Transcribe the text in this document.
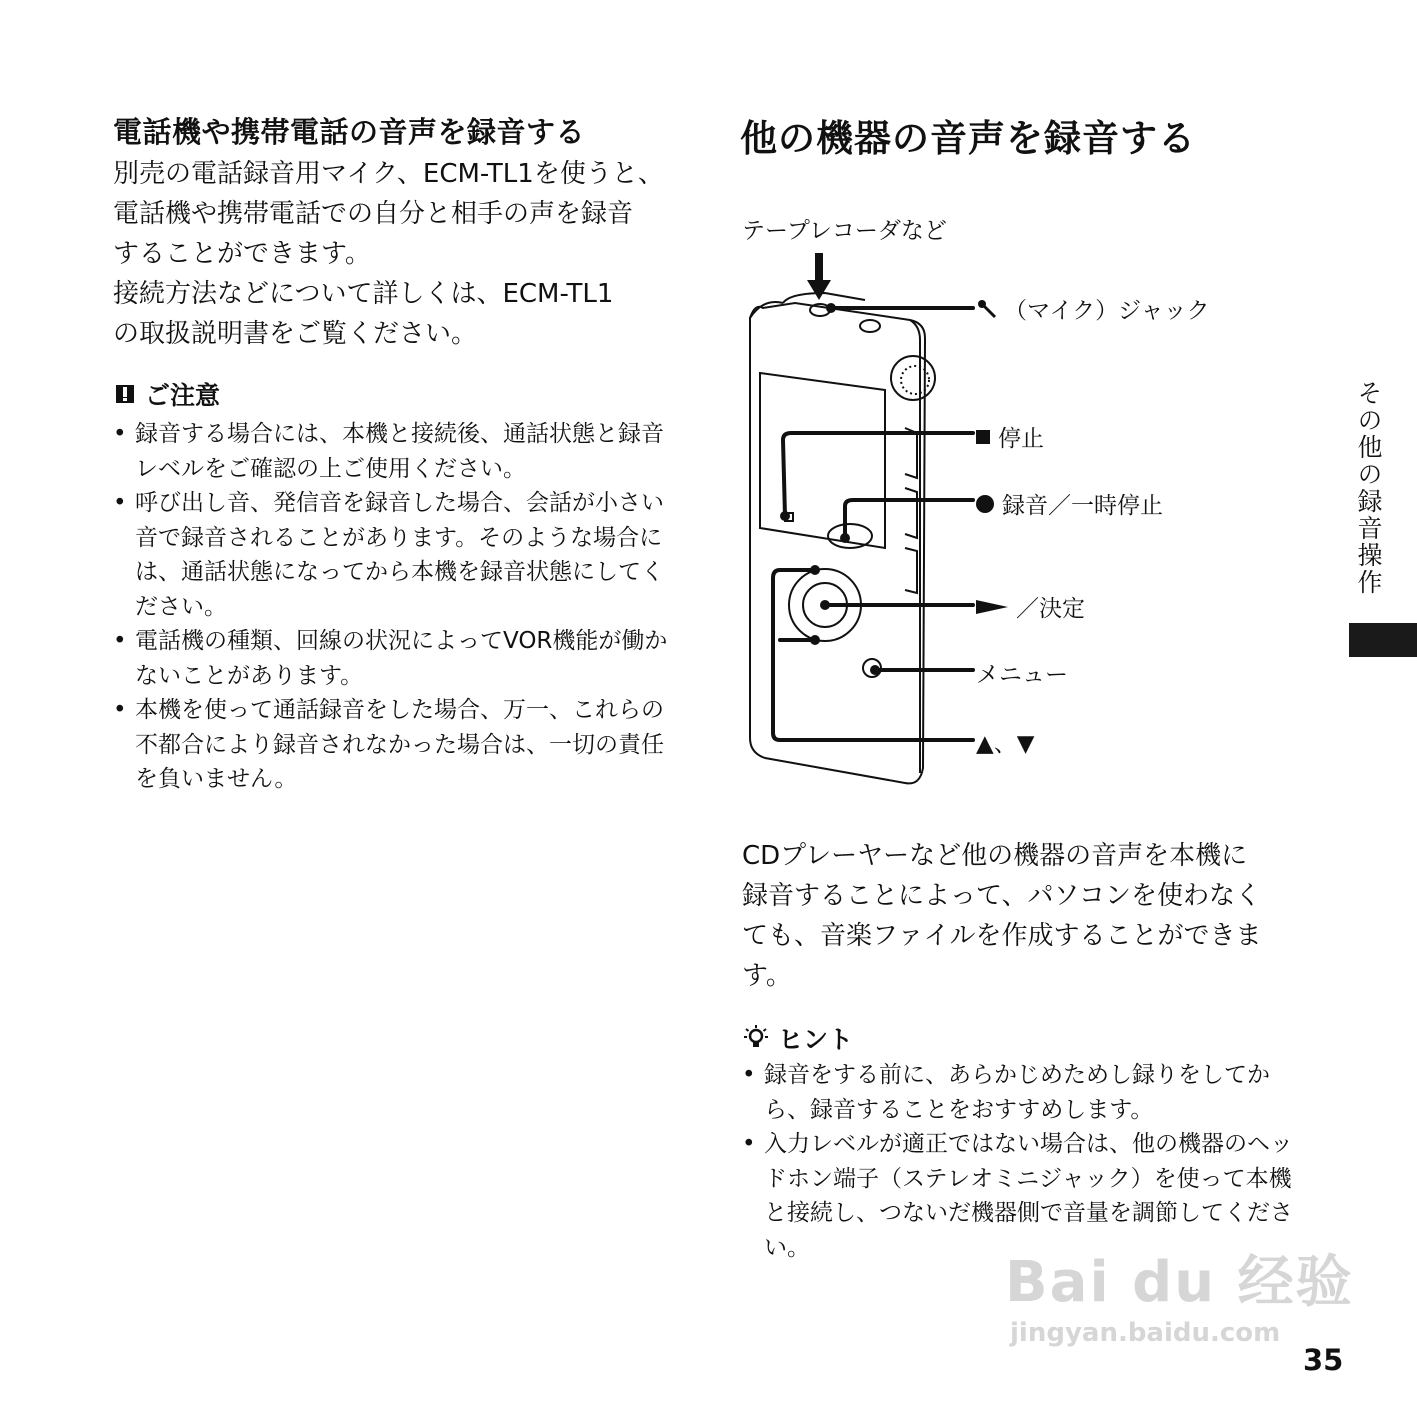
電話機や携帯電話の音声を録音する
別売の電話録音用マイク、ECM-TL1を使うと、
電話機や携帯電話での自分と相手の声を録音
することができます。
接続方法などについて詳しくは、ECM-TL1
の取扱説明書をご覧ください。
ご注意
• 録音する場合には、本機と接続後、通話状態と録音レベルをご確認の上ご使用ください。
• 呼び出し音、発信音を録音した場合、会話が小さい音で録音されることがあります。そのような場合には、通話状態になってから本機を録音状態にしてください。
• 電話機の種類、回線の状況によってVOR機能が働かないことがあります。
• 本機を使って通話録音をした場合、万一、これらの不都合により録音されなかった場合は、一切の責任を負いません。
他の機器の音声を録音する
テープレコーダなど
（マイク）ジャック
停止
録音／一時停止
／決定
メニュー
▲、▼
CDプレーヤーなど他の機器の音声を本機に
録音することによって、パソコンを使わなく
ても、音楽ファイルを作成することができま
す。
ヒント
• 録音をする前に、あらかじめためし録りをしてから、録音することをおすすめします。
• 入力レベルが適正ではない場合は、他の機器のヘッドホン端子（ステレオミニジャック）を使って本機と接続し、つないだ機器側で音量を調節してください。
その他の録音操作
Bai du 经验
jingyan.baidu.com
35
